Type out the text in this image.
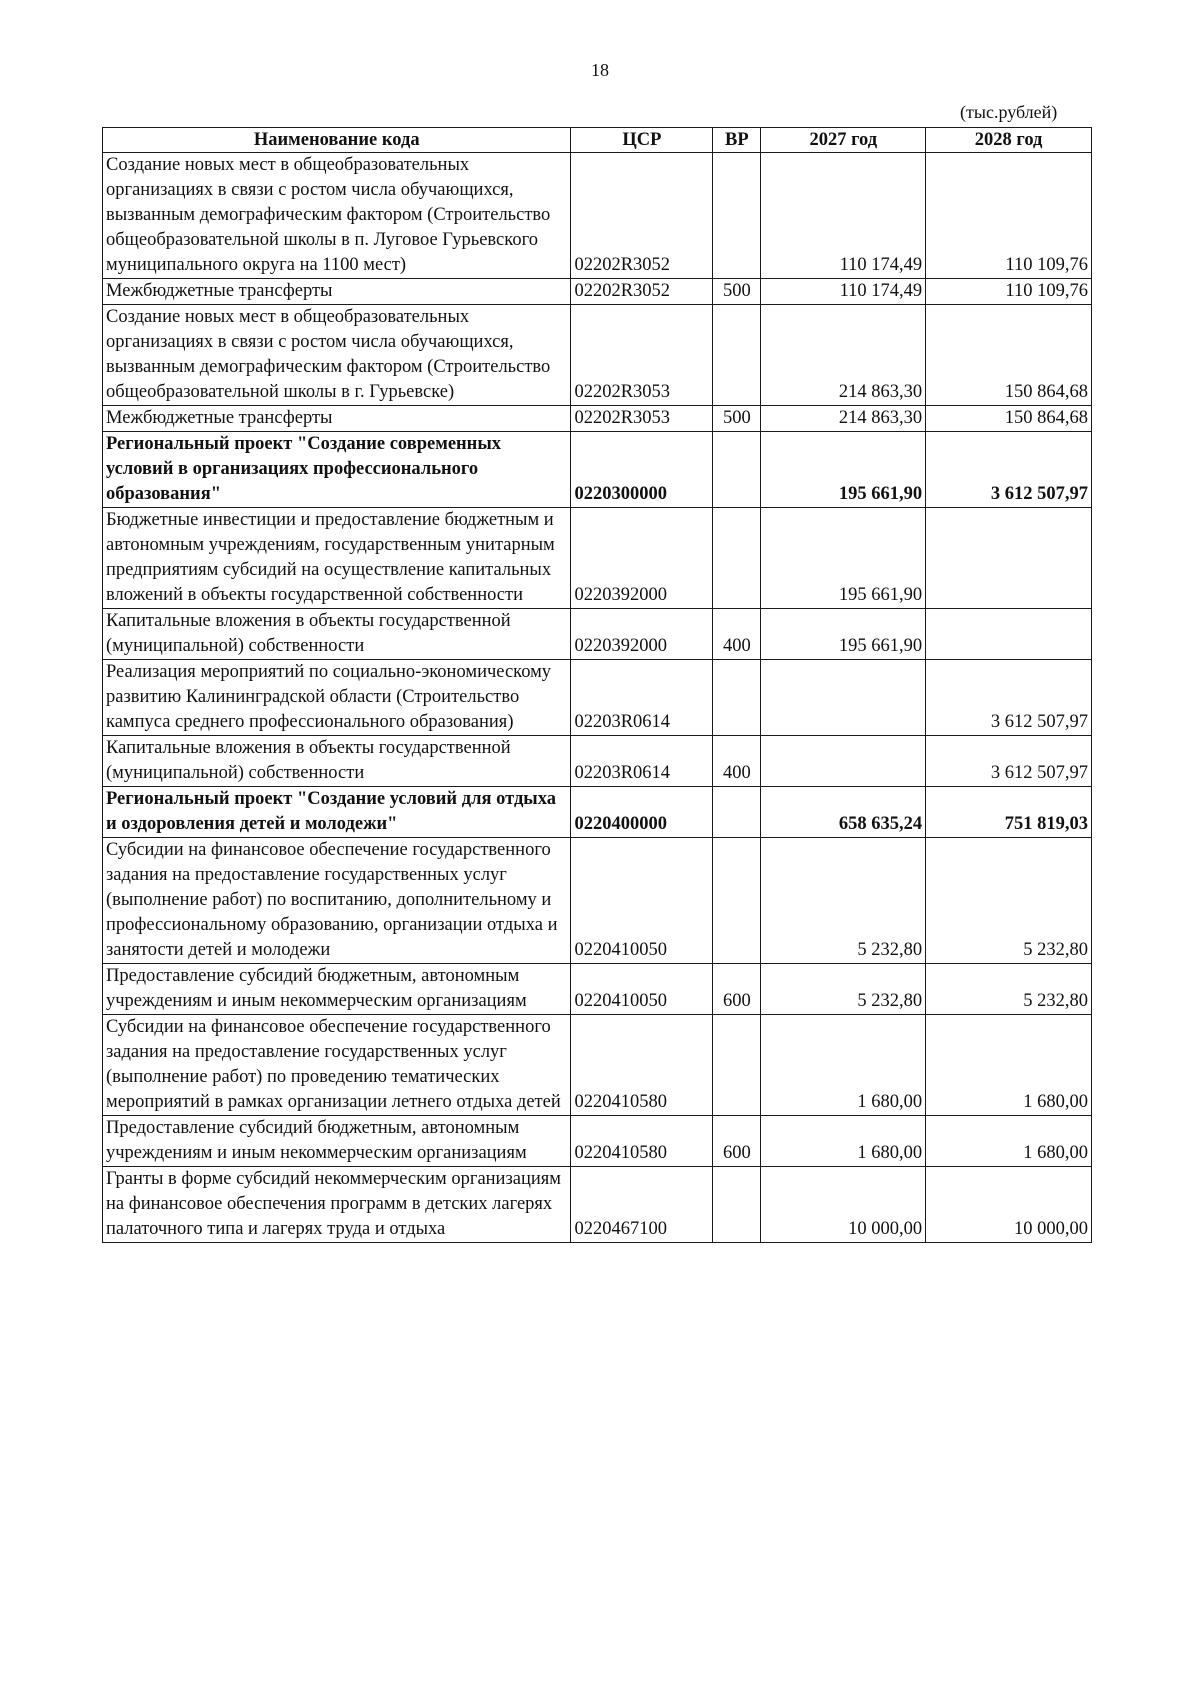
18
(тыс.рублей)
Наименование кода	ЦСР	ВР	2027 год	2028 год
Создание новых мест в общеобразовательных организациях в связи с ростом числа обучающихся, вызванным демографическим фактором (Строительство общеобразовательной школы в п. Луговое Гурьевского муниципального округа на 1100 мест)	02202R3052		110 174,49	110 109,76
Межбюджетные трансферты	02202R3052	500	110 174,49	110 109,76
Создание новых мест в общеобразовательных организациях в связи с ростом числа обучающихся, вызванным демографическим фактором (Строительство общеобразовательной школы в г. Гурьевске)	02202R3053		214 863,30	150 864,68
Межбюджетные трансферты	02202R3053	500	214 863,30	150 864,68
Региональный проект "Создание современных условий в организациях профессионального образования"	0220300000		195 661,90	3 612 507,97
Бюджетные инвестиции и предоставление бюджетным и автономным учреждениям, государственным унитарным предприятиям субсидий на осуществление капитальных вложений в объекты государственной собственности	0220392000		195 661,90	
Капитальные вложения в объекты государственной (муниципальной) собственности	0220392000	400	195 661,90	
Реализация мероприятий по социально-экономическому развитию Калининградской области (Строительство кампуса среднего профессионального образования)	02203R0614			3 612 507,97
Капитальные вложения в объекты государственной (муниципальной) собственности	02203R0614	400		3 612 507,97
Региональный проект "Создание условий для отдыха и оздоровления детей и молодежи"	0220400000		658 635,24	751 819,03
Субсидии на финансовое обеспечение государственного задания на предоставление государственных услуг (выполнение работ) по воспитанию, дополнительному и профессиональному образованию, организации отдыха и занятости детей и молодежи	0220410050		5 232,80	5 232,80
Предоставление субсидий бюджетным, автономным учреждениям и иным некоммерческим организациям	0220410050	600	5 232,80	5 232,80
Субсидии на финансовое обеспечение государственного задания на предоставление государственных услуг (выполнение работ) по проведению тематических мероприятий в рамках организации летнего отдыха детей	0220410580		1 680,00	1 680,00
Предоставление субсидий бюджетным, автономным учреждениям и иным некоммерческим организациям	0220410580	600	1 680,00	1 680,00
Гранты в форме субсидий некоммерческим организациям на финансовое обеспечения программ в детских лагерях палаточного типа и лагерях труда и отдыха	0220467100		10 000,00	10 000,00
